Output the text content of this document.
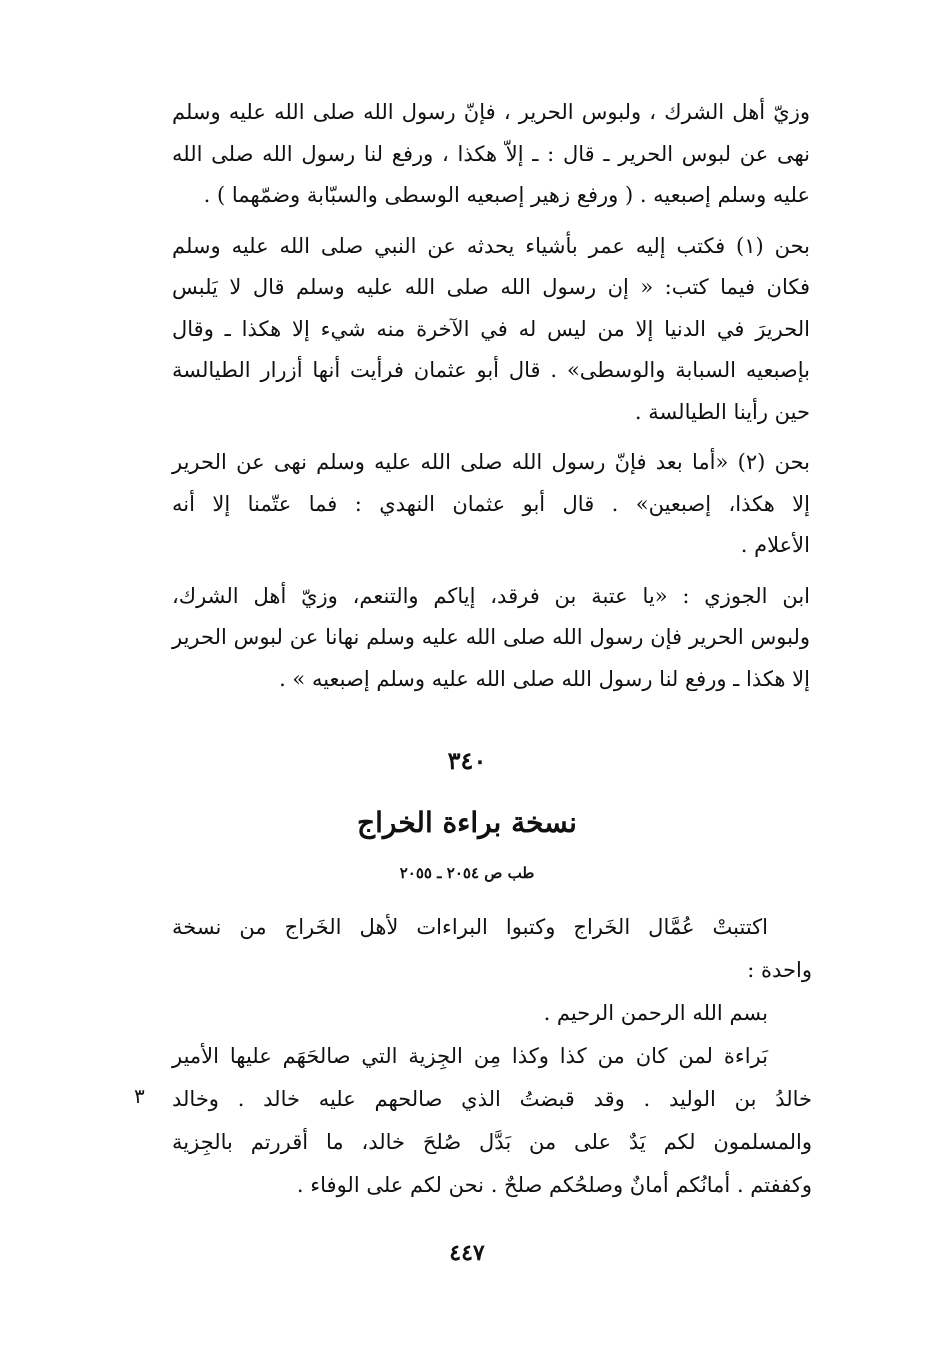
وزيّ أهل الشرك ، ولبوس الحرير ، فإنّ رسول الله صلى الله عليه وسلم
نهى عن لبوس الحرير ـ قال : ـ إلاّ هكذا ، ورفع لنا رسول الله صلى الله
عليه وسلم إصبعيه . ( ورفع زهير إصبعيه الوسطى والسبّابة وضمّهما ) .

بحن (١) فكتب إليه عمر بأشياء يحدثه عن النبي صلى الله عليه وسلم
فكان فيما كتب: « إن رسول الله صلى الله عليه وسلم قال لا يَلبس
الحريرَ في الدنيا إلا من ليس له في الآخرة منه شيء إلا هكذا ـ وقال
بإصبعيه السبابة والوسطى» . قال أبو عثمان فرأيت أنها أزرار الطيالسة
حين رأينا الطيالسة .

بحن (٢) «أما بعد فإنّ رسول الله صلى الله عليه وسلم نهى عن الحرير
إلا هكذا، إصبعين» . قال أبو عثمان النهدي : فما عتّمنا إلا أنه
الأعلام .

ابن الجوزي : «يا عتبة بن فرقد، إياكم والتنعم، وزيّ أهل الشرك،
ولبوس الحرير فإن رسول الله صلى الله عليه وسلم نهانا عن لبوس الحرير
إلا هكذا ـ ورفع لنا رسول الله صلى الله عليه وسلم إصبعيه » .

٣٤٠
نسخة براءة الخراج
طب ص ٢٠٥٤ ـ ٢٠٥٥

اكتتبتْ عُمَّال الخَراج وكتبوا البراءات لأهل الخَراج من نسخة
واحدة :

بسم الله الرحمن الرحيم .

بَراءة لمن كان من كذا وكذا مِن الجِزية التي صالحَهَم عليها الأمير
خالدُ بن الوليد . وقد قبضتُ الذي صالحهم عليه خالد . وخالد
والمسلمون لكم يَدٌ على من بَدَّل صُلحَ خالد، ما أقررتم بالجِزية
وكففتم . أمانُكم أمانٌ وصلحُكم صلحٌ . نحن لكم على الوفاء .

٣
٤٤٧
